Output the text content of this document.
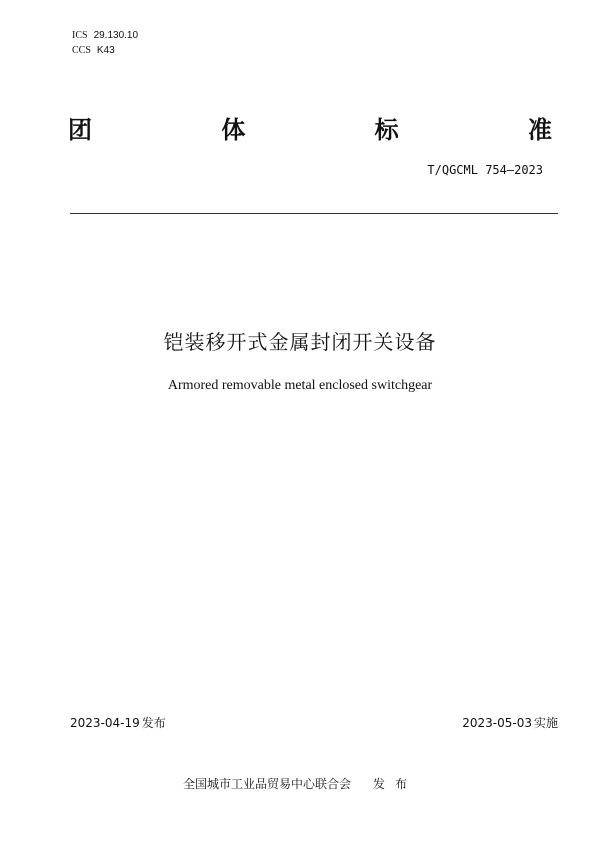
ICS 29.130.10
CCS K43
团	体	标	准
T/QGCML 754—2023
铠装移开式金属封闭开关设备
Armored removable metal enclosed switchgear
2023-04-19 发布	2023-05-03 实施
全国城市工业品贸易中心联合会 发布
